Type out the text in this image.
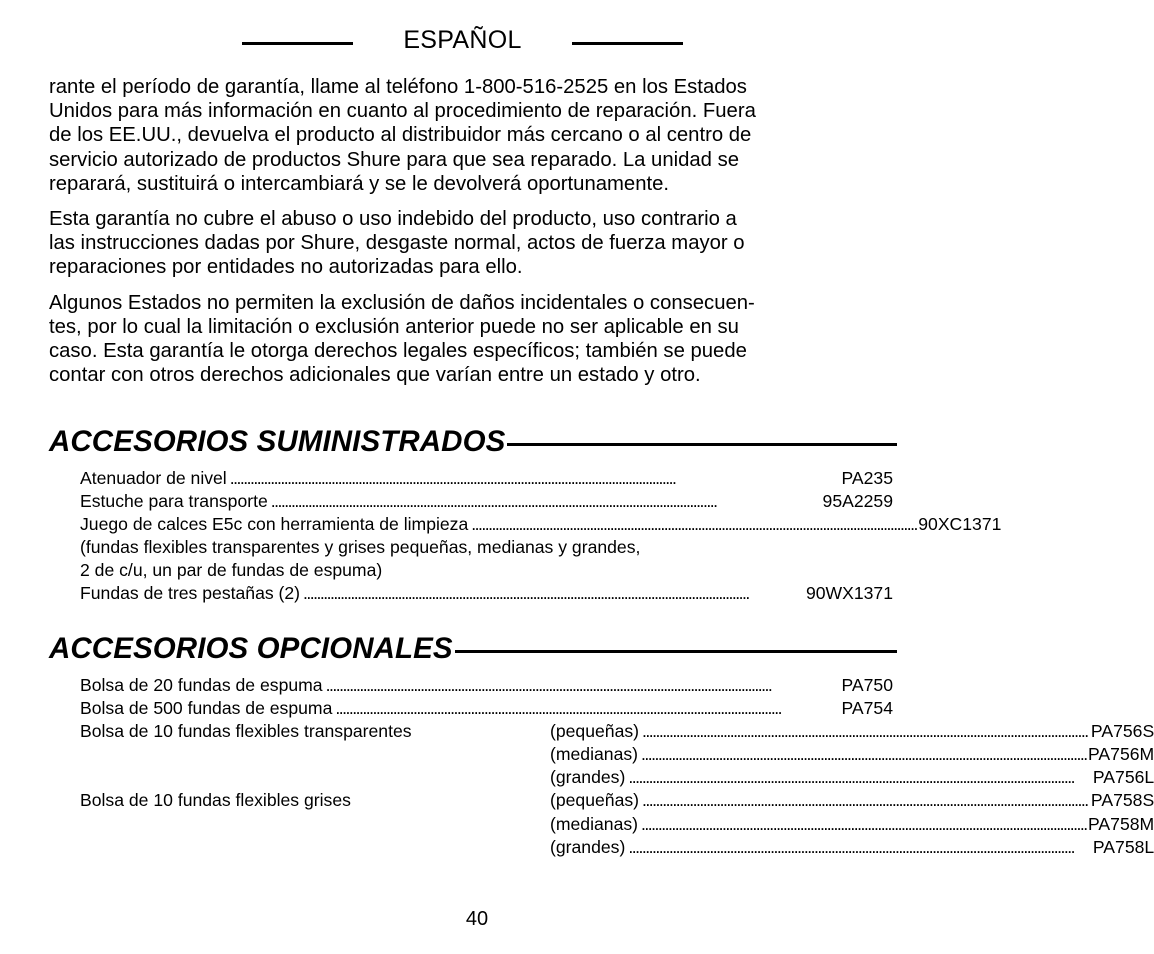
ESPAÑOL

rante el período de garantía, llame al teléfono 1-800-516-2525 en los Estados
Unidos para más información en cuanto al procedimiento de reparación. Fuera
de los EE.UU., devuelva el producto al distribuidor más cercano o al centro de
servicio autorizado de productos Shure para que sea reparado. La unidad se
reparará, sustituirá o intercambiará y se le devolverá oportunamente.

Esta garantía no cubre el abuso o uso indebido del producto, uso contrario a
las instrucciones dadas por Shure, desgaste normal, actos de fuerza mayor o
reparaciones por entidades no autorizadas para ello.

Algunos Estados no permiten la exclusión de daños incidentales o consecuen-
tes, por lo cual la limitación o exclusión anterior puede no ser aplicable en su
caso. Esta garantía le otorga derechos legales específicos; también se puede
contar con otros derechos adicionales que varían entre un estado y otro.

ACCESORIOS SUMINISTRADOS
Atenuador de nivel . . .	PA235
Estuche para transporte . . .	95A2259
Juego de calces E5c con herramienta de limpieza . . .	90XC1371
(fundas flexibles transparentes y grises pequeñas, medianas y grandes,
2 de c/u, un par de fundas de espuma)
Fundas de tres pestañas (2) . . .	90WX1371
ACCESORIOS OPCIONALES
Bolsa de 20 fundas de espuma . . .	PA750
Bolsa de 500 fundas de espuma . . .	PA754
Bolsa de 10 fundas flexibles transparentes	(pequeñas) . . .	PA756S
(medianas) . . .	PA756M
(grandes) . . .	PA756L
Bolsa de 10 fundas flexibles grises	(pequeñas) . . .	PA758S
(medianas) . . .	PA758M
(grandes) . . .	PA758L
40
